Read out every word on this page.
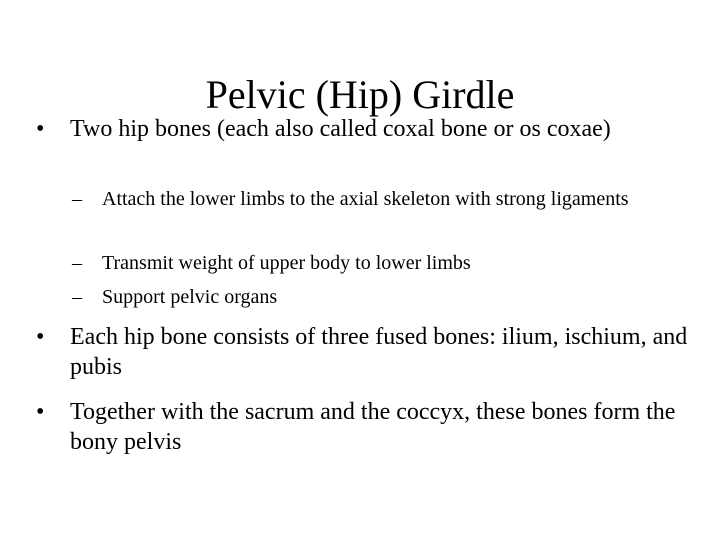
Pelvic (Hip) Girdle
• Two hip bones (each also called coxal bone or os coxae)
– Attach the lower limbs to the axial skeleton with strong ligaments
– Transmit weight of upper body to lower limbs
– Support pelvic organs
• Each hip bone consists of three fused bones: ilium, ischium, and pubis
• Together with the sacrum and the coccyx, these bones form the bony pelvis
